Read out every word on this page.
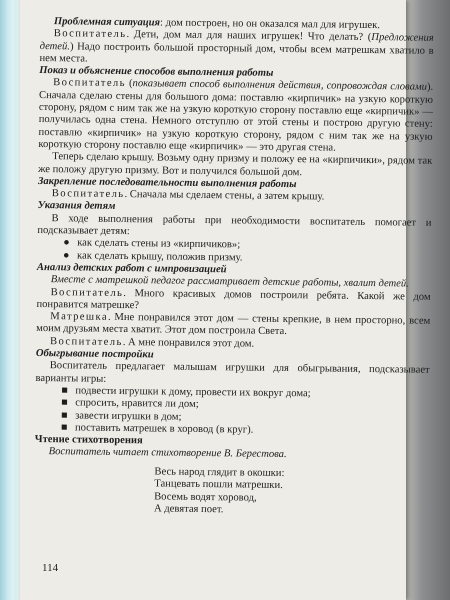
Проблемная ситуация: дом построен, но он оказался мал для игрушек.

Воспитатель. Дети, дом мал для наших игрушек! Что делать? (Предложения детей.) Надо построить большой просторный дом, чтобы всем матрешкам хватило в нем места.

Показ и объяснение способов выполнения работы

Воспитатель (показывает способ выполнения действия, сопровождая словами). Сначала сделаю стены для большого дома: поставлю «кирпичик» на узкую короткую сторону, рядом с ним так же на узкую короткую сторону поставлю еще «кирпичик» — получилась одна стена. Немного отступлю от этой стены и построю другую стену: поставлю «кирпичик» на узкую короткую сторону, рядом с ним так же на узкую короткую сторону поставлю еще «кирпичик» — это другая стена.

Теперь сделаю крышу. Возьму одну призму и положу ее на «кирпичики», рядом так же положу другую призму. Вот и получился большой дом.

Закрепление последовательности выполнения работы

Воспитатель. Сначала мы сделаем стены, а затем крышу.

Указания детям

В ходе выполнения работы при необходимости воспитатель помогает и подсказывает детям:

● как сделать стены из «кирпичиков»;

● как сделать крышу, положив призму.

Анализ детских работ с импровизацией

Вместе с матрешкой педагог рассматривает детские работы, хвалит детей.

Воспитатель. Много красивых домов построили ребята. Какой же дом понравится матрешке?

Матрешка. Мне понравился этот дом — стены крепкие, в нем просторно, всем моим друзьям места хватит. Этот дом построила Света.

Воспитатель. А мне понравился этот дом.

Обыгрывание постройки

Воспитатель предлагает малышам игрушки для обыгрывания, подсказывает варианты игры:

■ подвести игрушки к дому, провести их вокруг дома;

■ спросить, нравится ли дом;

■ завести игрушки в дом;

■ поставить матрешек в хоровод (в круг).

Чтение стихотворения

Воспитатель читает стихотворение В. Берестова.

Весь народ глядит в окошки:
Танцевать пошли матрешки.
Восемь водят хоровод,
А девятая поет.
114
